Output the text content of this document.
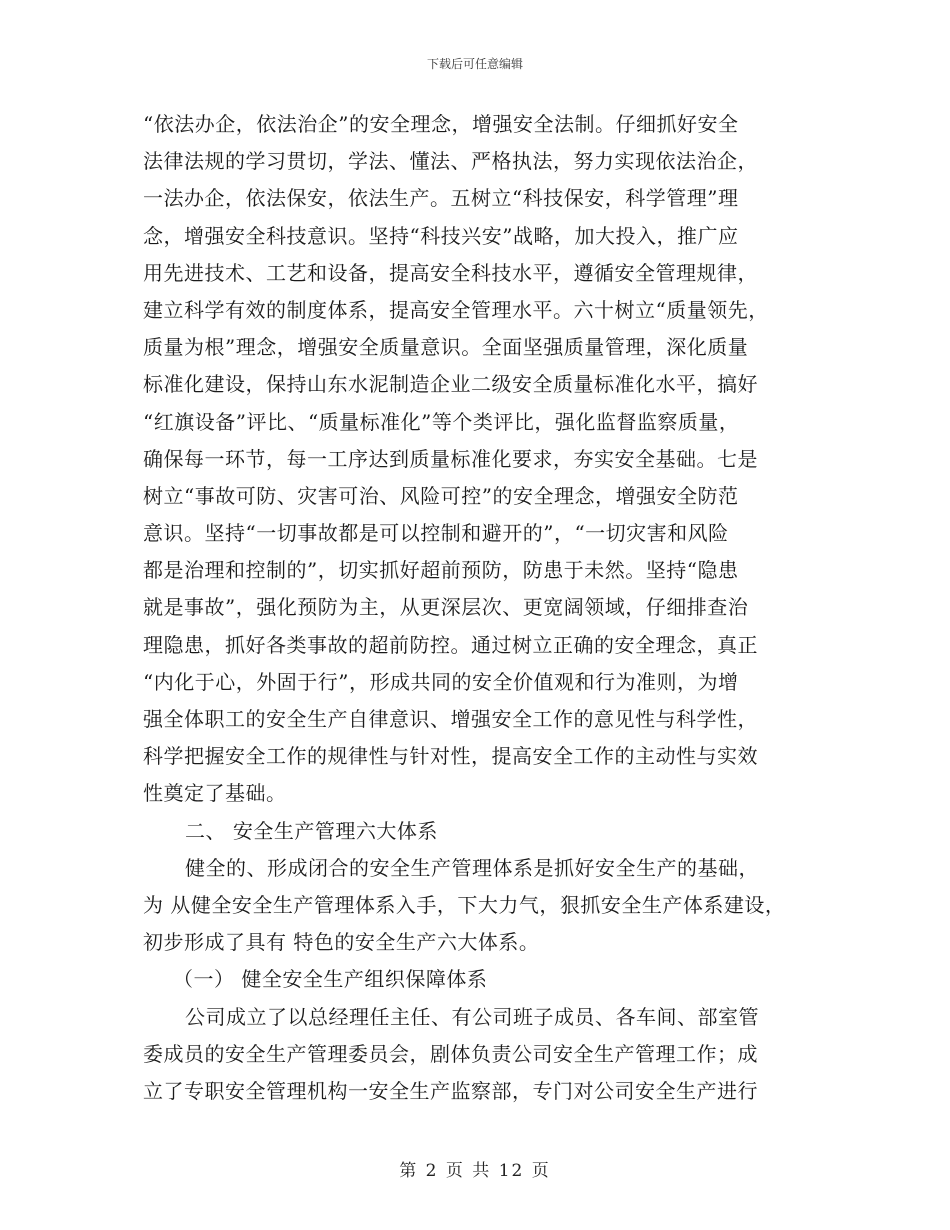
下载后可任意编辑
“依法办企，依法治企”的安全理念，增强安全法制。仔细抓好安全
法律法规的学习贯切，学法、懂法、严格执法，努力实现依法治企，
一法办企，依法保安，依法生产。五树立“科技保安，科学管理”理
念，增强安全科技意识。坚持“科技兴安”战略，加大投入，推广应
用先进技术、工艺和设备，提高安全科技水平，遵循安全管理规律，
建立科学有效的制度体系，提高安全管理水平。六十树立“质量领先，
质量为根”理念，增强安全质量意识。全面坚强质量管理，深化质量
标准化建设，保持山东水泥制造企业二级安全质量标准化水平，搞好
“红旗设备”评比、“质量标准化”等个类评比，强化监督监察质量，
确保每一环节，每一工序达到质量标准化要求，夯实安全基础。七是
树立“事故可防、灾害可治、风险可控”的安全理念，增强安全防范
意识。坚持“一切事故都是可以控制和避开的”，“一切灾害和风险
都是治理和控制的”，切实抓好超前预防，防患于未然。坚持“隐患
就是事故”，强化预防为主，从更深层次、更宽阔领域，仔细排查治
理隐患，抓好各类事故的超前防控。通过树立正确的安全理念，真正
“内化于心，外固于行”，形成共同的安全价值观和行为准则，为增
强全体职工的安全生产自律意识、增强安全工作的意见性与科学性，
科学把握安全工作的规律性与针对性，提高安全工作的主动性与实效
性奠定了基础。
二、 安全生产管理六大体系
健全的、形成闭合的安全生产管理体系是抓好安全生产的基础，
为 从健全安全生产管理体系入手，下大力气，狠抓安全生产体系建设，
初步形成了具有 特色的安全生产六大体系。
（一） 健全安全生产组织保障体系
公司成立了以总经理任主任、有公司班子成员、各车间、部室管
委成员的安全生产管理委员会，剧体负责公司安全生产管理工作；成
立了专职安全管理机构一安全生产监察部，专门对公司安全生产进行
第 2 页 共 12 页
